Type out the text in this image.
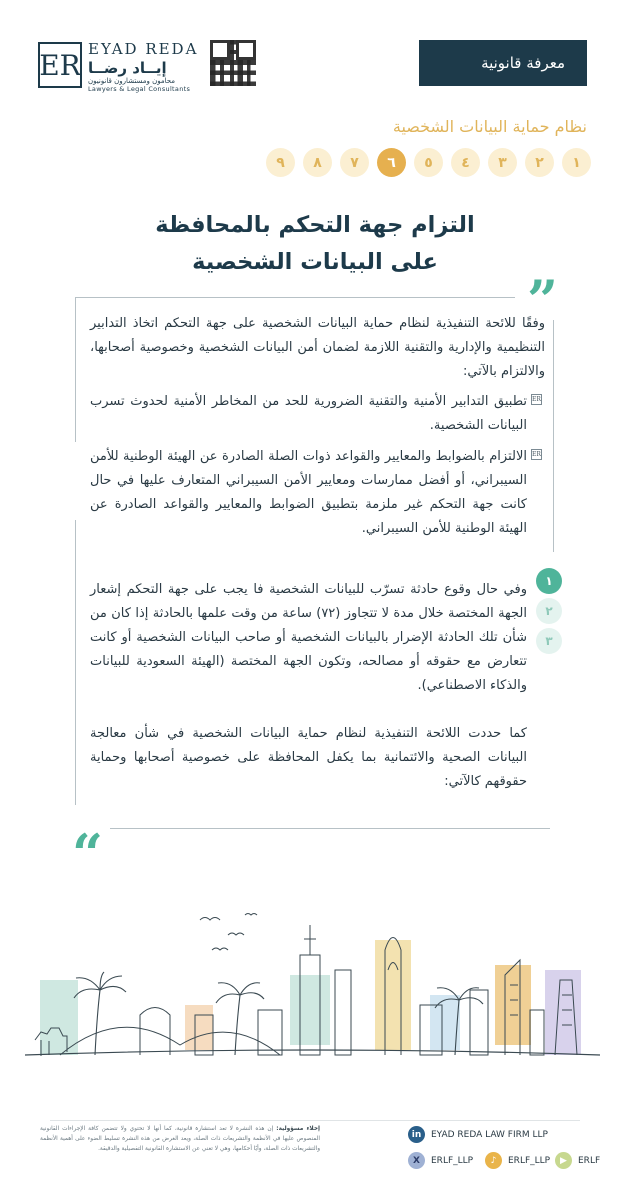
ER EYAD REDA
إيــاد رضــا
محامون ومستشارون قانونيون
Lawyers & Legal Consultants
معرفة قانونية
نظام حماية البيانات الشخصية
١
٢
٣
٤
٥
٦
٧
٨
٩
التزام جهة التحكم بالمحافظة
على البيانات الشخصية
”
“
وفقًا للائحة التنفيذية لنظام حماية البيانات الشخصية على جهة التحكم اتخاذ التدابير التنظيمية والإدارية والتقنية اللازمة لضمان أمن البيانات الشخصية وخصوصية أصحابها، والالتزام بالآتي:
ER
تطبيق التدابير الأمنية والتقنية الضرورية للحد من المخاطر الأمنية لحدوث تسرب البيانات الشخصية.
ER
الالتزام بالضوابط والمعايير والقواعد ذوات الصلة الصادرة عن الهيئة الوطنية للأمن السيبراني، أو أفضل ممارسات ومعايير الأمن السيبراني المتعارف عليها في حال كانت جهة التحكم غير ملزمة بتطبيق الضوابط والمعايير والقواعد الصادرة عن الهيئة الوطنية للأمن السيبراني.
١
٢
٣
وفي حال وقوع حادثة تسرّب للبيانات الشخصية فا يجب على جهة التحكم إشعار الجهة المختصة خلال مدة لا تتجاوز (٧٢) ساعة من وقت علمها بالحادثة إذا كان من شأن تلك الحادثة الإضرار بالبيانات الشخصية أو صاحب البيانات الشخصية أو كانت تتعارض مع حقوقه أو مصالحه، وتكون الجهة المختصة (الهيئة السعودية للبيانات والذكاء الاصطناعي).
كما حددت اللائحة التنفيذية لنظام حماية البيانات الشخصية في شأن معالجة البيانات الصحية والائتمانية بما يكفل المحافظة على خصوصية أصحابها وحماية حقوقهم كالآتي:
إخلاء مسؤولية: إن هذه النشرة لا تعد استشارة قانونية، كما أنها لا تحتوي ولا تتضمن كافة الإجراءات القانونية المنصوص عليها في الأنظمة والتشريعات ذات الصلة، ويعد الغرض من هذه النشرة تسليط الضوء على أهمية الأنظمة والتشريعات ذات الصلة، وأيًا أحكامها، وهي لا تغني عن الاستشارة القانونية التفصيلية والدقيقة.
in	EYAD REDA LAW FIRM LLP
X	ERLF_LLP	♪	ERLF_LLP	▶	ERLF
